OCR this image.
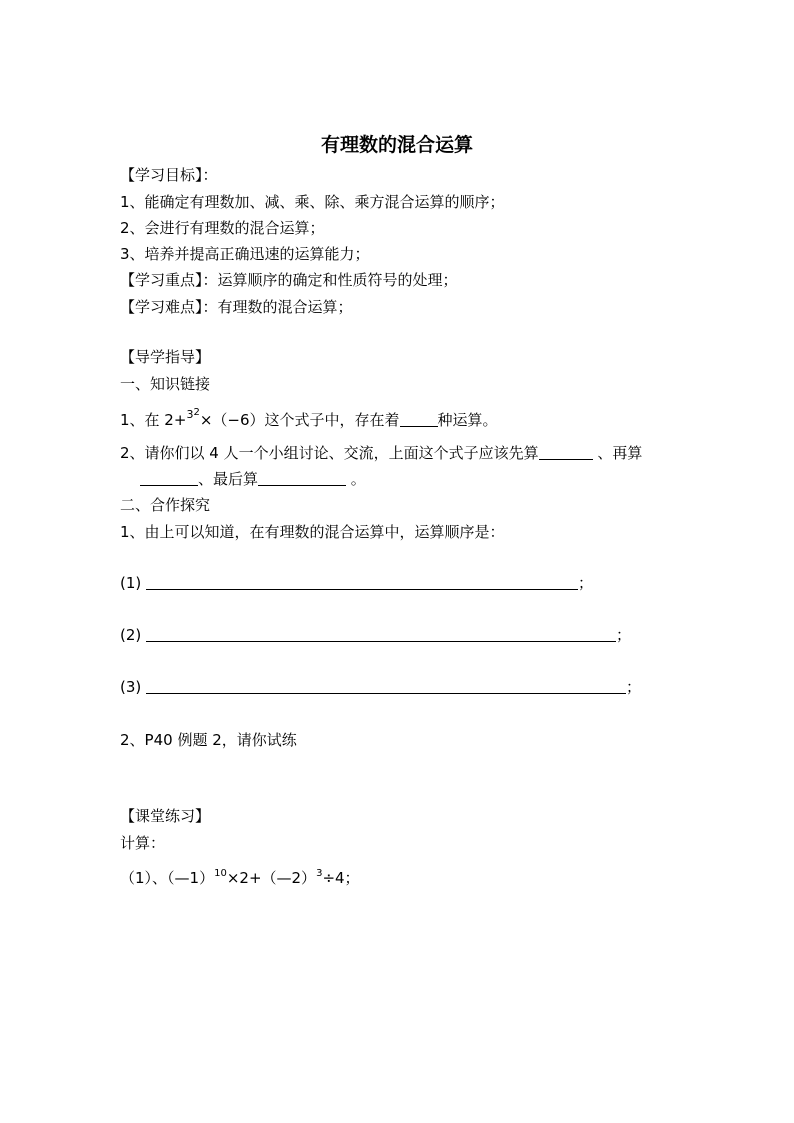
有理数的混合运算
【学习目标】：
1、能确定有理数加、减、乘、除、乘方混合运算的顺序；
2、会进行有理数的混合运算；
3、培养并提高正确迅速的运算能力；
【学习重点】：运算顺序的确定和性质符号的处理；
【学习难点】：有理数的混合运算；
【导学指导】
一、知识链接
1、在 2+$^{32}$×（−6）这个式子中，存在着	种运算。
2、请你们以 4 人一个小组讨论、交流，上面这个式子应该先算	、再算
、最后算	。
二、合作探究
1、由上可以知道，在有理数的混合运算中，运算顺序是：
(1)	；
(2)	；
(3)	；
2、P40 例题 2，请你试练
【课堂练习】
计算：
（1）、（—1）$^{10}$×2+（—2）$^3$÷4；
